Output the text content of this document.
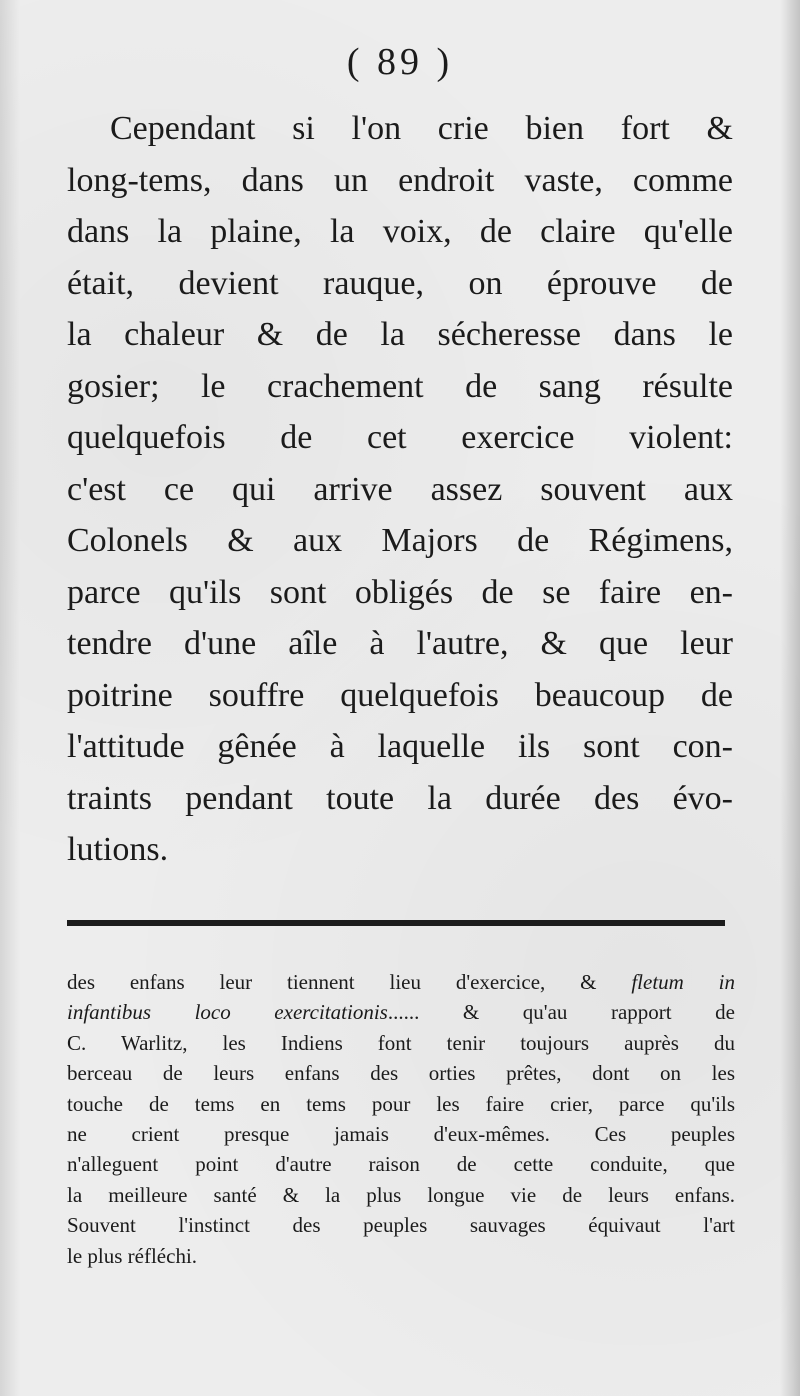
( 89 )
Cependant si l'on crie bien fort &
long-tems, dans un endroit vaste, comme
dans la plaine, la voix, de claire qu'elle
était, devient rauque, on éprouve de
la chaleur & de la sécheresse dans le
gosier; le crachement de sang résulte
quelquefois de cet exercice violent:
c'est ce qui arrive assez souvent aux
Colonels & aux Majors de Régimens,
parce qu'ils sont obligés de se faire en-
tendre d'une aîle à l'autre, & que leur
poitrine souffre quelquefois beaucoup de
l'attitude gênée à laquelle ils sont con-
traints pendant toute la durée des évo-
lutions.
des enfans leur tiennent lieu d'exercice, & fletum in
infantibus loco exercitationis...... & qu'au rapport de
C. Warlitz, les Indiens font tenir toujours auprès du
berceau de leurs enfans des orties prêtes, dont on les
touche de tems en tems pour les faire crier, parce qu'ils
ne crient presque jamais d'eux-mêmes. Ces peuples
n'alleguent point d'autre raison de cette conduite, que
la meilleure santé & la plus longue vie de leurs enfans.
Souvent l'instinct des peuples sauvages équivaut l'art
le plus réfléchi.
